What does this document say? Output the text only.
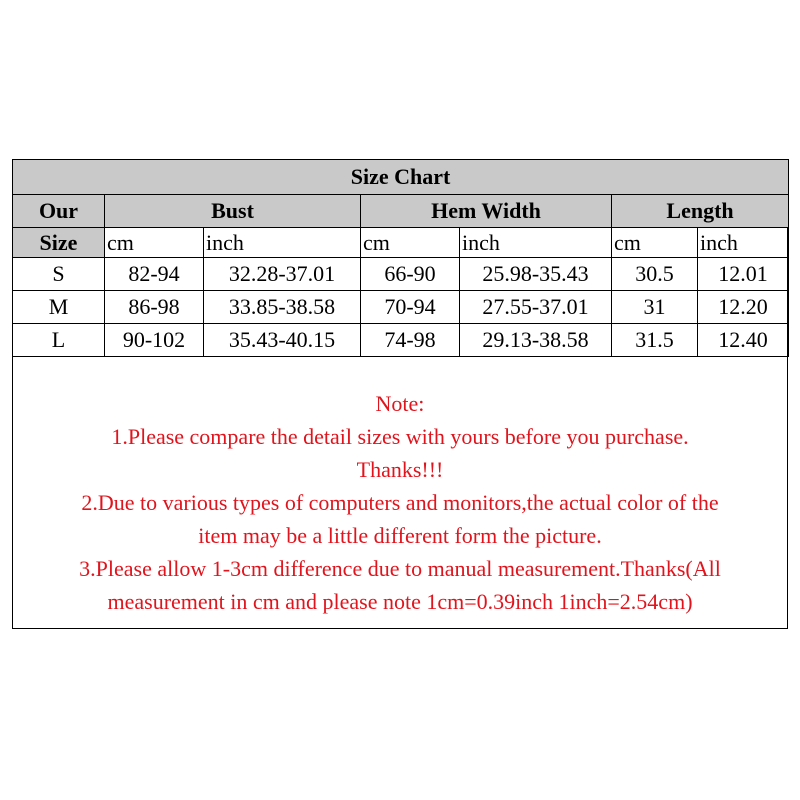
Size Chart						
Our	Bust		Hem Width		Length	
Size	cm	inch	cm	inch	cm	inch
S	82-94	32.28-37.01	66-90	25.98-35.43	30.5	12.01
M	86-98	33.85-38.58	70-94	27.55-37.01	31	12.20
L	90-102	35.43-40.15	74-98	29.13-38.58	31.5	12.40
Note:
1.Please compare the detail sizes with yours before you purchase.
Thanks!!!
2.Due to various types of computers and monitors,the actual color of the
item may be a little different form the picture.
3.Please allow 1-3cm difference due to manual measurement.Thanks(All
measurement in cm and please note 1cm=0.39inch 1inch=2.54cm)
